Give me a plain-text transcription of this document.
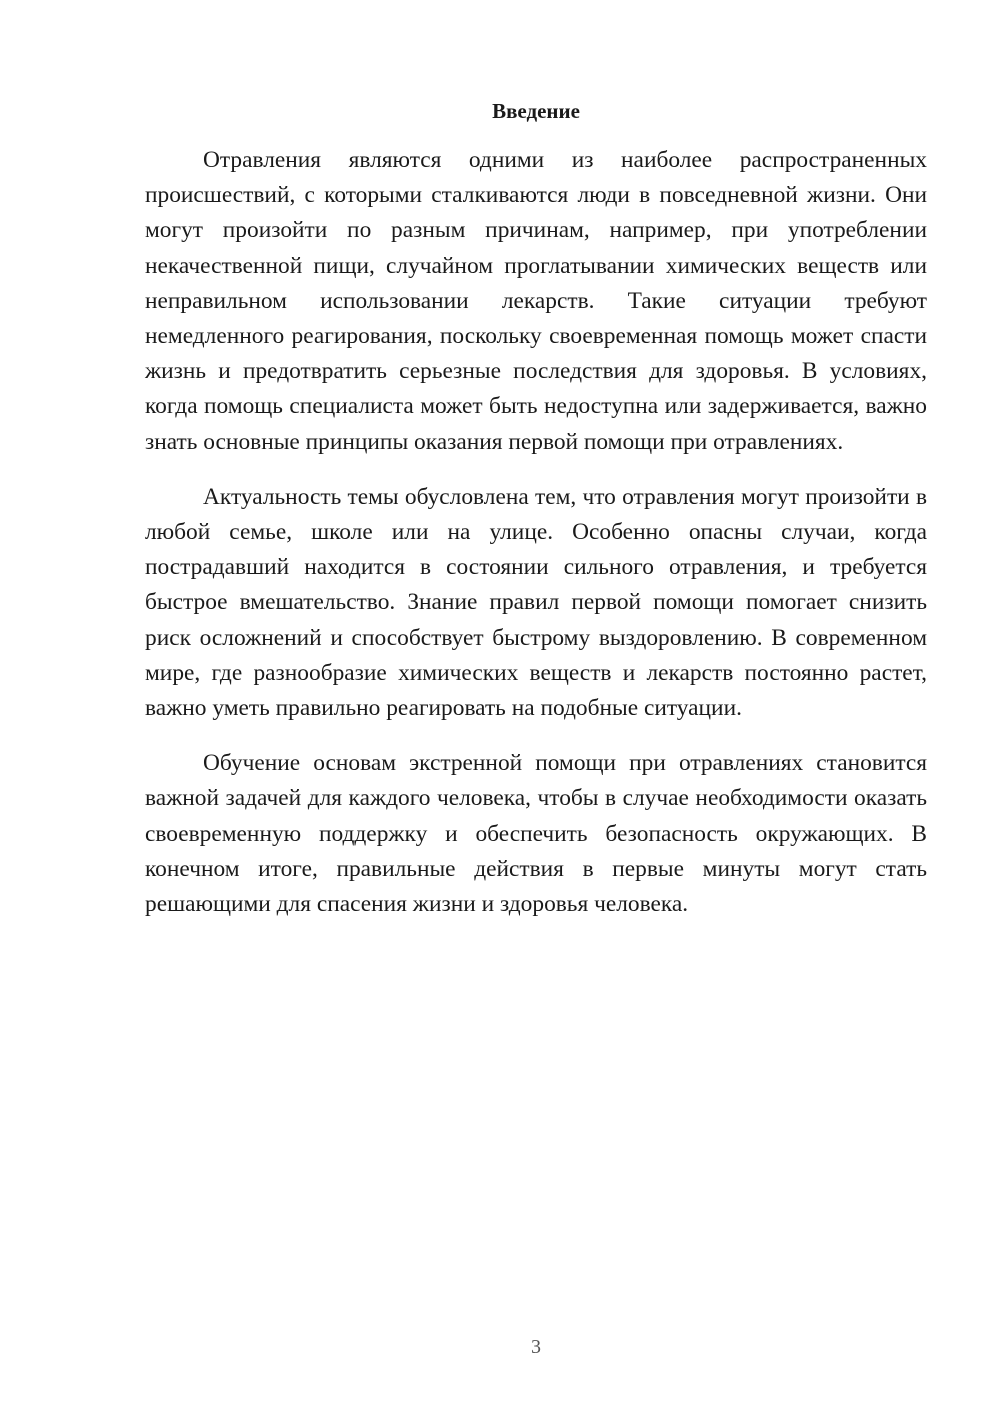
Введение

Отравления являются одними из наиболее распространенных происшествий, с которыми сталкиваются люди в повседневной жизни. Они могут произойти по разным причинам, например, при употреблении некачественной пищи, случайном проглатывании химических веществ или неправильном использовании лекарств. Такие ситуации требуют немедленного реагирования, поскольку своевременная помощь может спасти жизнь и предотвратить серьезные последствия для здоровья. В условиях, когда помощь специалиста может быть недоступна или задерживается, важно знать основные принципы оказания первой помощи при отравлениях.

Актуальность темы обусловлена тем, что отравления могут произойти в любой семье, школе или на улице. Особенно опасны случаи, когда пострадавший находится в состоянии сильного отравления, и требуется быстрое вмешательство. Знание правил первой помощи помогает снизить риск осложнений и способствует быстрому выздоровлению. В современном мире, где разнообразие химических веществ и лекарств постоянно растет, важно уметь правильно реагировать на подобные ситуации.

Обучение основам экстренной помощи при отравлениях становится важной задачей для каждого человека, чтобы в случае необходимости оказать своевременную поддержку и обеспечить безопасность окружающих. В конечном итоге, правильные действия в первые минуты могут стать решающими для спасения жизни и здоровья человека.

3
